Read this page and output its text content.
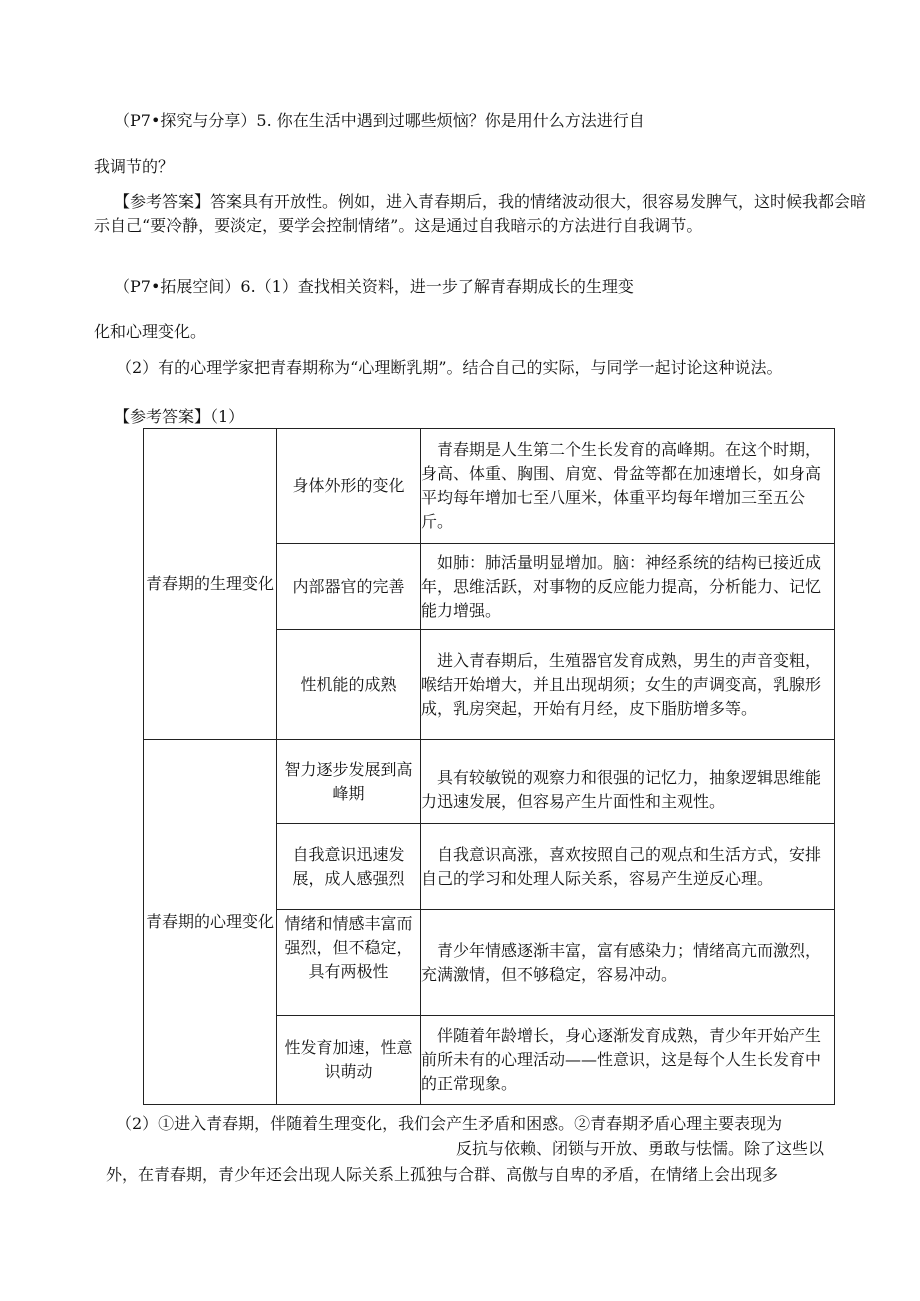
（P7•探究与分享）5. 你在生活中遇到过哪些烦恼？你是用什么方法进行自
我调节的？
【参考答案】答案具有开放性。例如，进入青春期后，我的情绪波动很大，很容易发脾气，这时候我都会暗示自己“要冷静，要淡定，要学会控制情绪”。这是通过自我暗示的方法进行自我调节。
（P7•拓展空间）6.（1）查找相关资料，进一步了解青春期成长的生理变
化和心理变化。
（2）有的心理学家把青春期称为“心理断乳期”。结合自己的实际，与同学一起讨论这种说法。
【参考答案】（1）
青春期的生理变化	身体外形的变化	青春期是人生第二个生长发育的高峰期。在这个时期，身高、体重、胸围、肩宽、骨盆等都在加速增长，如身高平均每年增加七至八厘米，体重平均每年增加三至五公斤。
	内部器官的完善	如肺：肺活量明显增加。脑：神经系统的结构已接近成年，思维活跃，对事物的反应能力提高，分析能力、记忆能力增强。
	性机能的成熟	进入青春期后，生殖器官发育成熟，男生的声音变粗，喉结开始增大，并且出现胡须；女生的声调变高，乳腺形成，乳房突起，开始有月经，皮下脂肪增多等。
青春期的心理变化	智力逐步发展到高峰期	具有较敏锐的观察力和很强的记忆力，抽象逻辑思维能力迅速发展，但容易产生片面性和主观性。
	自我意识迅速发展，成人感强烈	自我意识高涨，喜欢按照自己的观点和生活方式，安排自己的学习和处理人际关系，容易产生逆反心理。
	情绪和情感丰富而强烈，但不稳定，具有两极性	青少年情感逐渐丰富，富有感染力；情绪高亢而激烈，充满激情，但不够稳定，容易冲动。
	性发育加速，性意识萌动	伴随着年龄增长，身心逐渐发育成熟，青少年开始产生前所未有的心理活动——性意识，这是每个人生长发育中的正常现象。
（2）①进入青春期，伴随着生理变化，我们会产生矛盾和困惑。②青春期矛盾心理主要表现为
反抗与依赖、闭锁与开放、勇敢与怯懦。除了这些以
外，在青春期，青少年还会出现人际关系上孤独与合群、高傲与自卑的矛盾，在情绪上会出现多
